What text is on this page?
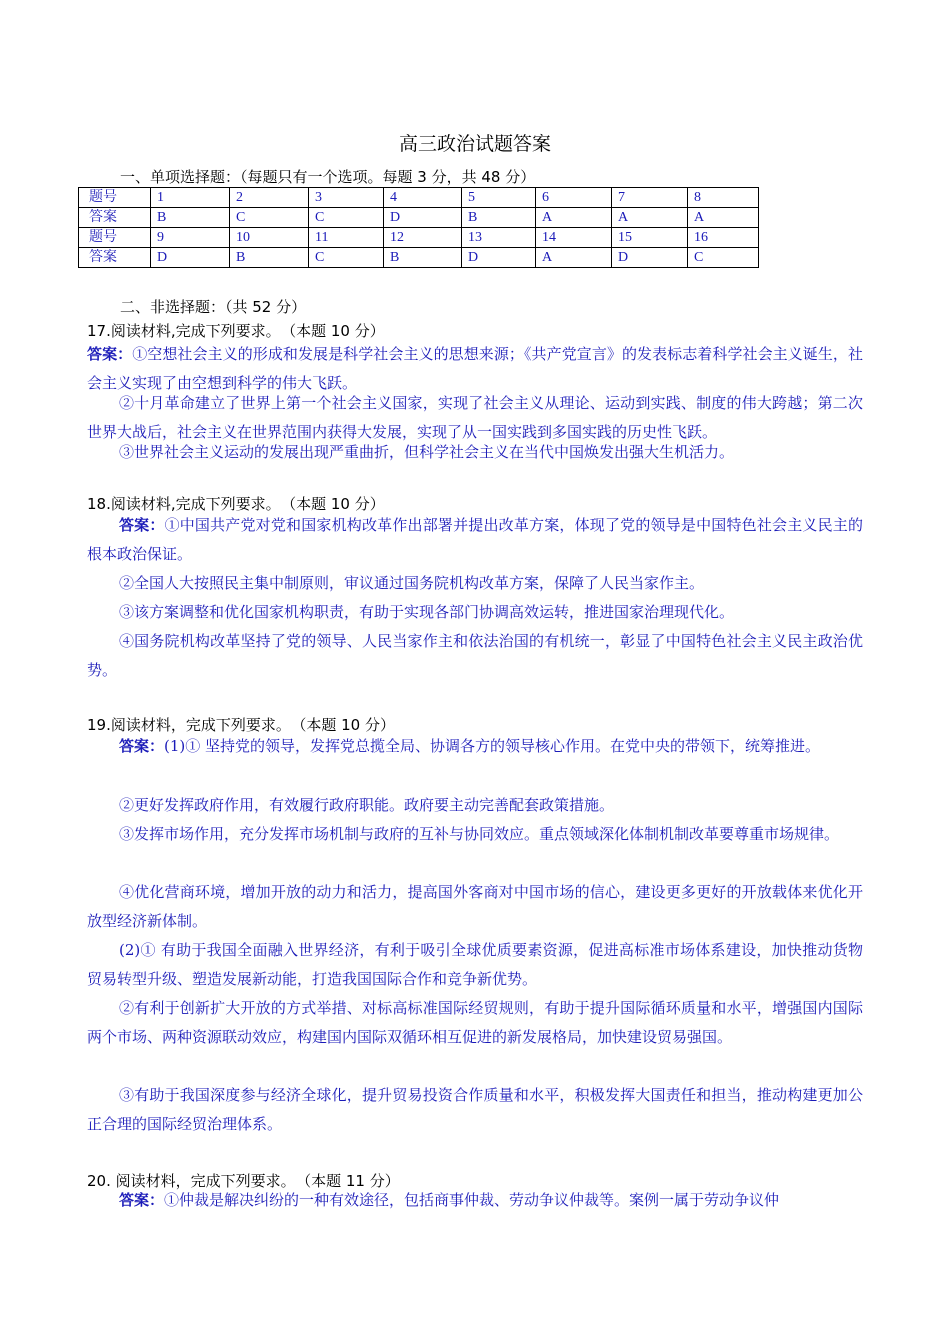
高三政治试题答案
一、单项选择题：（每题只有一个选项。每题 3 分，共 48 分）
题号	1	2	3	4	5	6	7	8
答案	B	C	C	D	B	A	A	A
题号	9	10	11	12	13	14	15	16
答案	D	B	C	B	D	A	D	C
二、非选择题：（共 52 分）
17.阅读材料,完成下列要求。 （本题 10 分）
答案：①空想社会主义的形成和发展是科学社会主义的思想来源；《共产党宣言》的发表标志着科学社会主义诞生，社会主义实现了由空想到科学的伟大飞跃。
②十月革命建立了世界上第一个社会主义国家，实现了社会主义从理论、运动到实践、制度的伟大跨越；第二次世界大战后，社会主义在世界范围内获得大发展，实现了从一国实践到多国实践的历史性飞跃。
③世界社会主义运动的发展出现严重曲折，但科学社会主义在当代中国焕发出强大生机活力。
18.阅读材料,完成下列要求。 （本题 10 分）
答案：①中国共产党对党和国家机构改革作出部署并提出改革方案，体现了党的领导是中国特色社会主义民主的根本政治保证。
②全国人大按照民主集中制原则，审议通过国务院机构改革方案，保障了人民当家作主。
③该方案调整和优化国家机构职责，有助于实现各部门协调高效运转，推进国家治理现代化。
④国务院机构改革坚持了党的领导、人民当家作主和依法治国的有机统一，彰显了中国特色社会主义民主政治优势。
19.阅读材料，完成下列要求。 （本题 10 分）
答案：(1)① 坚持党的领导，发挥党总揽全局、协调各方的领导核心作用。在党中央的带领下，统筹推进。
②更好发挥政府作用，有效履行政府职能。政府要主动完善配套政策措施。
③发挥市场作用，充分发挥市场机制与政府的互补与协同效应。重点领域深化体制机制改革要尊重市场规律。
④优化营商环境，增加开放的动力和活力，提高国外客商对中国市场的信心，建设更多更好的开放载体来优化开放型经济新体制。
(2)① 有助于我国全面融入世界经济，有利于吸引全球优质要素资源，促进高标准市场体系建设，加快推动货物贸易转型升级、塑造发展新动能，打造我国国际合作和竞争新优势。
②有利于创新扩大开放的方式举措、对标高标准国际经贸规则，有助于提升国际循环质量和水平，增强国内国际两个市场、两种资源联动效应，构建国内国际双循环相互促进的新发展格局，加快建设贸易强国。
③有助于我国深度参与经济全球化，提升贸易投资合作质量和水平，积极发挥大国责任和担当，推动构建更加公正合理的国际经贸治理体系。
20. 阅读材料，完成下列要求。 （本题 11 分）
答案：①仲裁是解决纠纷的一种有效途径，包括商事仲裁、劳动争议仲裁等。案例一属于劳动争议仲
